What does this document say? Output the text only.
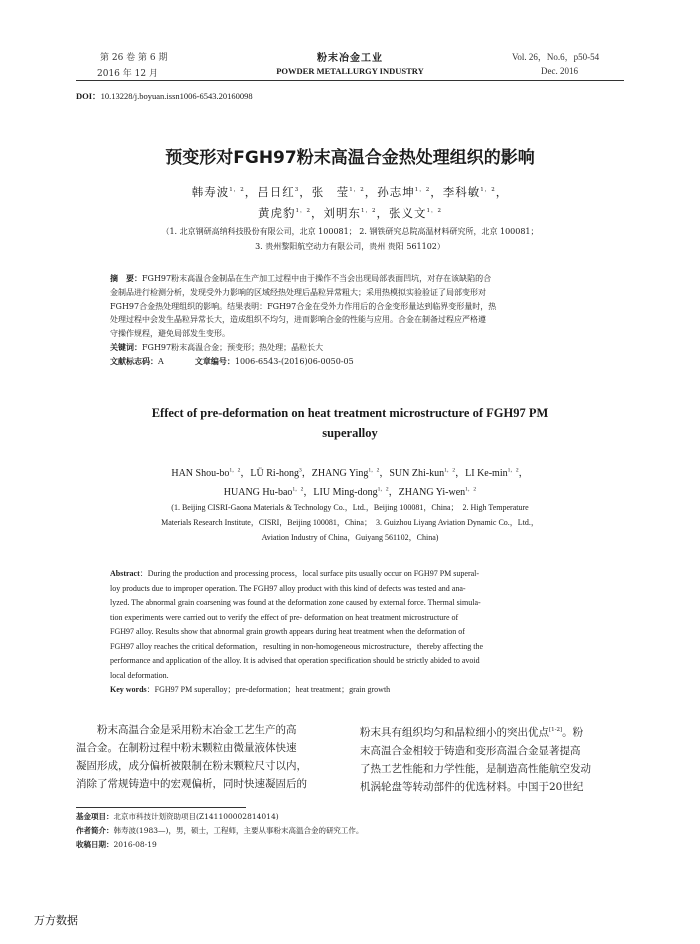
第 26 卷 第 6 期
2016 年 12 月
粉末冶金工业
POWDER METALLURGY INDUSTRY
Vol. 26，No.6，p50-54
Dec. 2016
DOI：10.13228/j.boyuan.issn1006-6543.20160098
预变形对FGH97粉末高温合金热处理组织的影响
韩寿波$^{1,2}$，吕日红$^3$，张　莹$^{1,2}$，孙志坤$^{1,2}$，李科敏$^{1,2}$，
黄虎豹$^{1,2}$，刘明东$^{1,2}$，张义文$^{1,2}$
（1. 北京钢研高纳科技股份有限公司，北京 100081； 2. 钢铁研究总院高温材料研究所，北京 100081；
3. 贵州黎阳航空动力有限公司，贵州 贵阳 561102）
摘　要：FGH97粉末高温合金制品在生产加工过程中由于操作不当会出现局部表面凹坑，对存在该缺陷的合
金制品进行检测分析，发现受外力影响的区域经热处理后晶粒异常粗大；采用热模拟实验验证了局部变形对
FGH97合金热处理组织的影响。结果表明：FGH97合金在受外力作用后的合金变形量达到临界变形量时，热
处理过程中会发生晶粒异常长大，造成组织不均匀，进而影响合金的性能与应用。合金在制备过程应严格遵
守操作规程，避免局部发生变形。
关键词：FGH97粉末高温合金；预变形；热处理；晶粒长大
文献标志码：A	文章编号：1006-6543-(2016)06-0050-05
Effect of pre-deformation on heat treatment microstructure of FGH97 PM
superalloy
HAN Shou-$bo^{1,2}$，LÜ Ri-hong$^3$，ZHANG Ying$^{1,2}$，SUN Zhi-kun$^{1,2}$，LI $Ke-\min^{1,2}$，
HUANG Hu-bao$^{1,2}$，LIU Ming-dong$^{1,2}$，ZHANG Yi-wen$^{1,2}$
(1. Beijing CISRI-Gaona Materials & Technology Co.，Ltd.，Beijing 100081，China；　2. High Temperature
Materials Research Institute，CISRI，Beijing 100081，China；　3. Guizhou Liyang Aviation Dynamic Co.，Ltd.，
Aviation Industry of China，Guiyang 561102，China)
Abstract：During the production and processing process，local surface pits usually occur on FGH97 PM superal-
loy products due to improper operation. The FGH97 alloy product with this kind of defects was tested and ana-
lyzed. The abnormal grain coarsening was found at the deformation zone caused by external force. Thermal simula-
tion experiments were carried out to verify the effect of pre- deformation on heat treatment microstructure of
FGH97 alloy. Results show that abnormal grain growth appears during heat treatment when the deformation of
FGH97 alloy reaches the critical deformation，resulting in non-homogeneous microstructure，thereby affecting the
performance and application of the alloy. It is advised that operation specification should be strictly abided to avoid
local deformation.
Key words：FGH97 PM superalloy；pre-deformation；heat treatment；grain growth
　　粉末高温合金是采用粉末冶金工艺生产的高
温合金。在制粉过程中粉末颗粒由微量液体快速
凝固形成，成分偏析被限制在粉末颗粒尺寸以内，
消除了常规铸造中的宏观偏析，同时快速凝固后的
粉末具有组织均匀和晶粒细小的突出优点[1-2]。粉
末高温合金相较于铸造和变形高温合金显著提高
了热工艺性能和力学性能，是制造高性能航空发动
机涡轮盘等转动部件的优选材料。中国于20世纪
基金项目：北京市科技计划资助项目(Z141100002814014)
作者简介：韩寿波(1983—)，男，硕士，工程师，主要从事粉末高温合金的研究工作。
收稿日期：2016-08-19
万方数据
